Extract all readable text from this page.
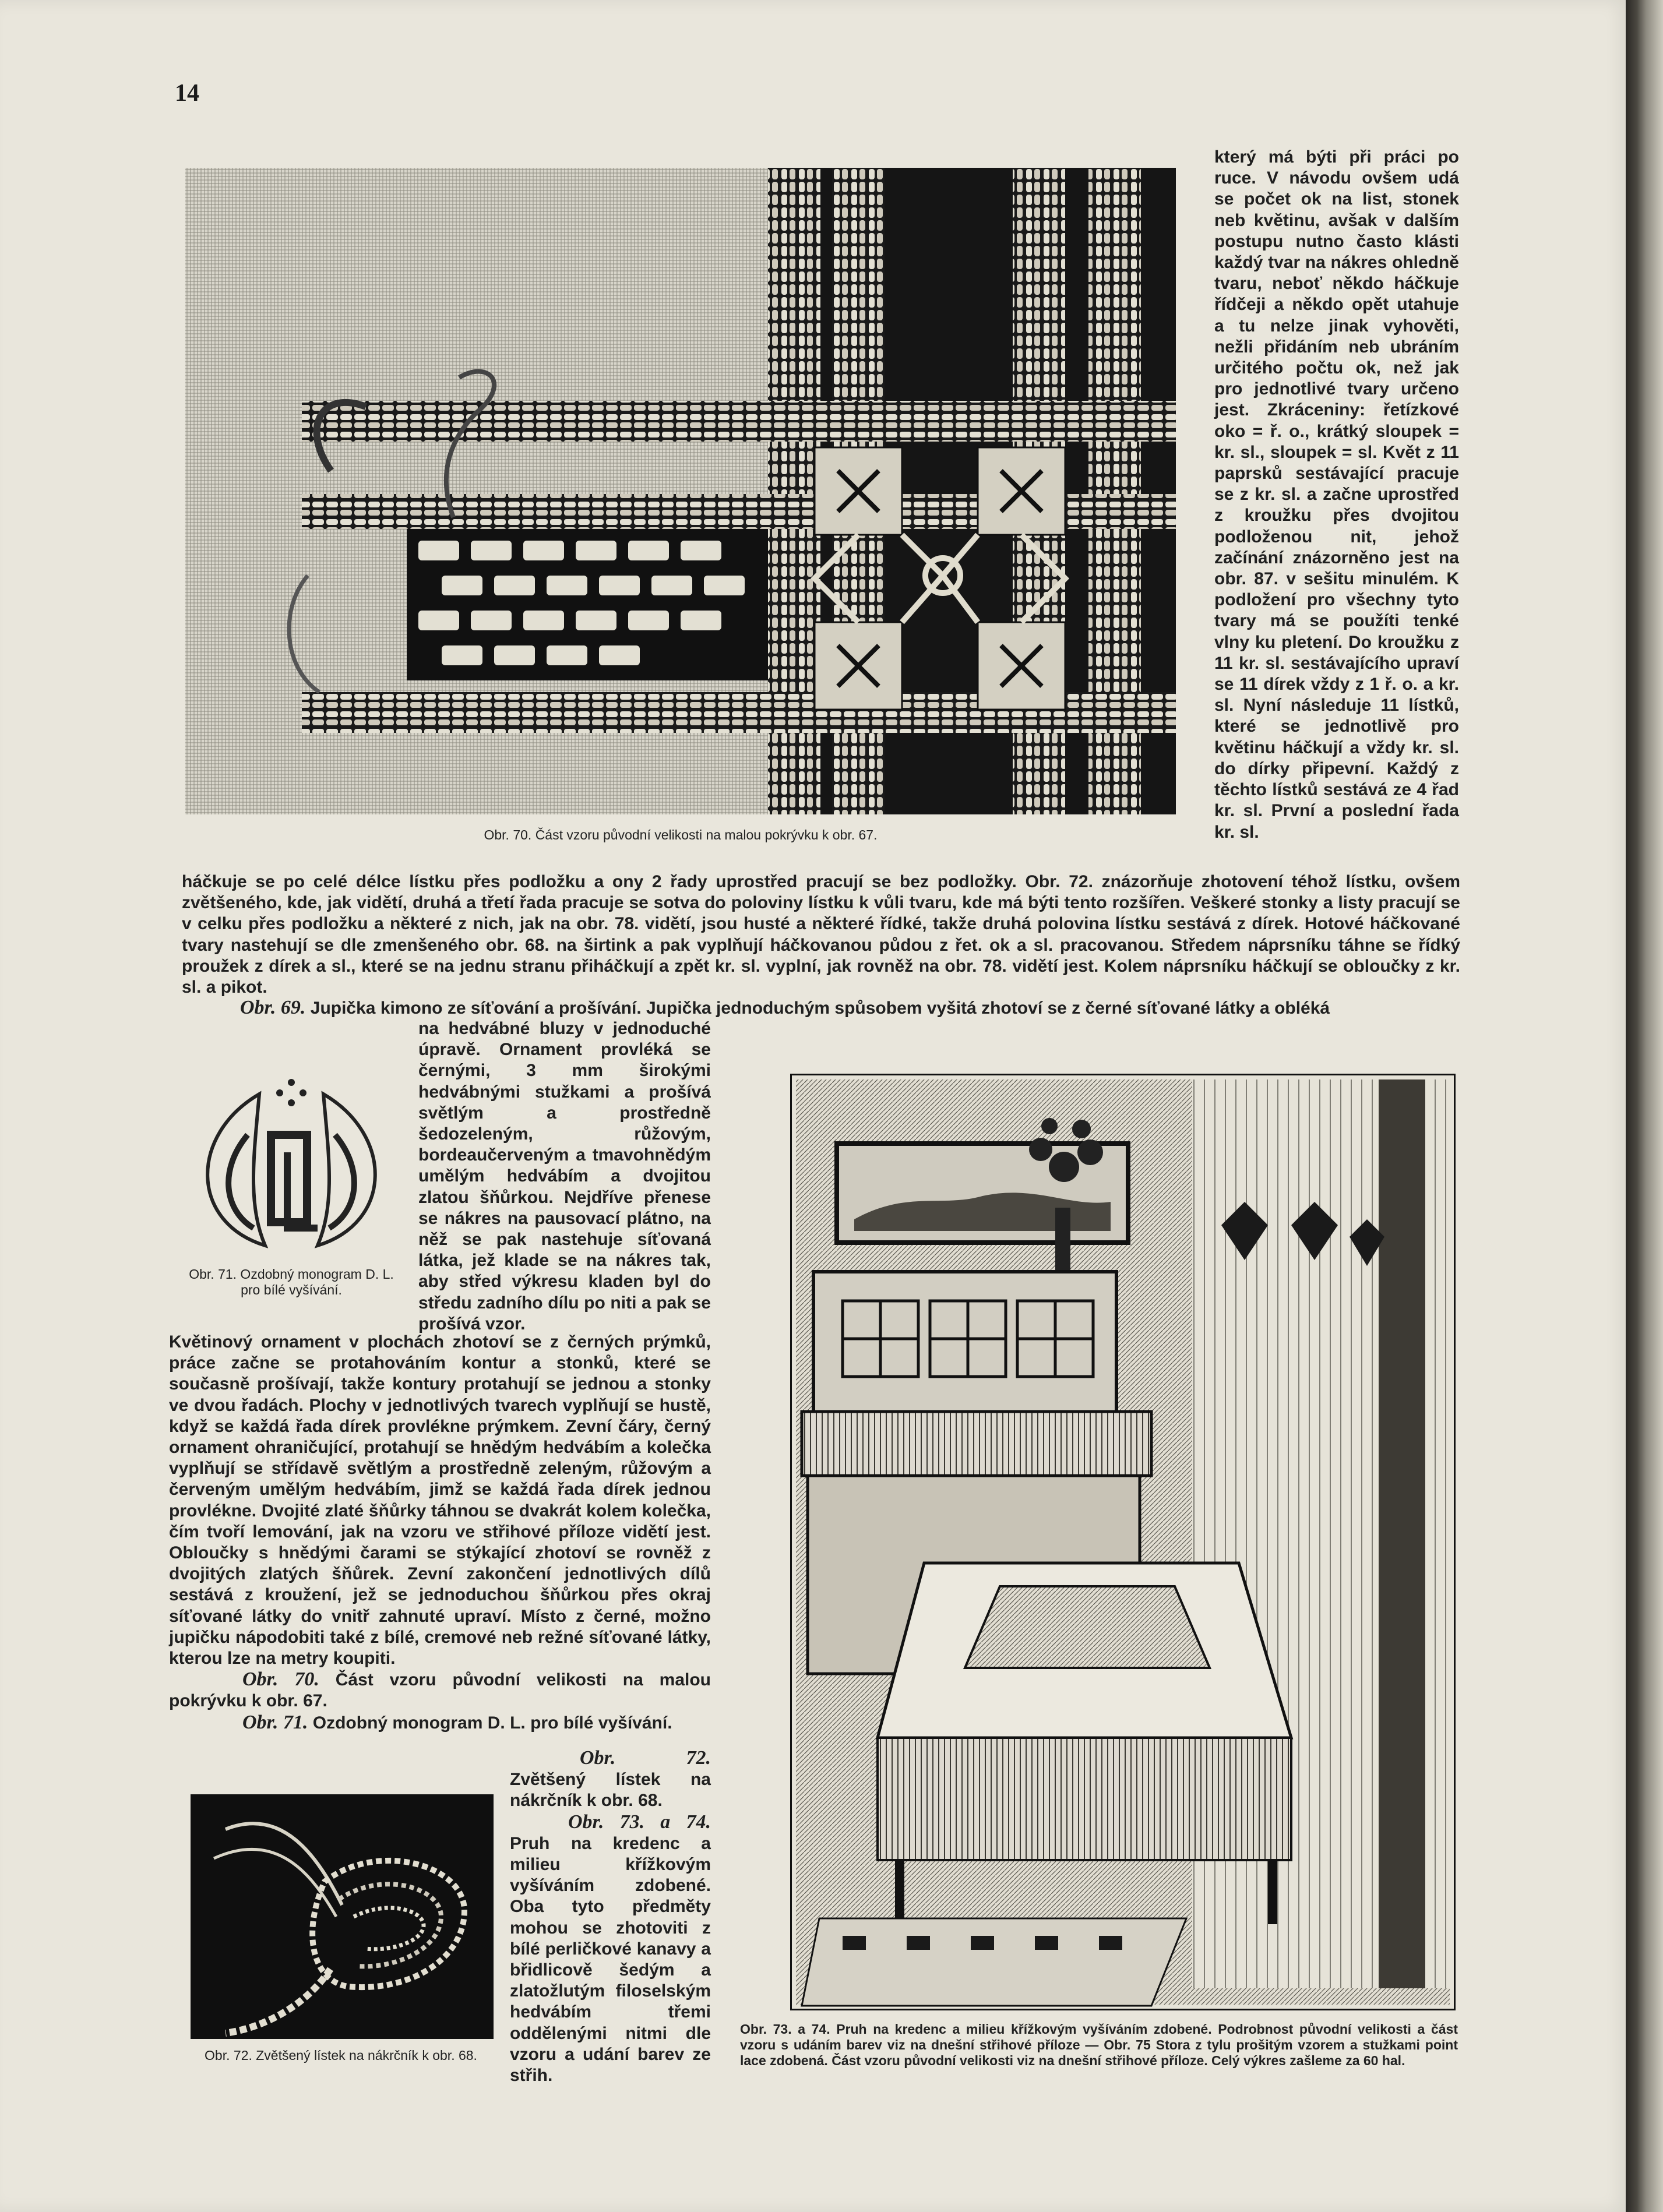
14

Obr. 70. Část vzoru původní velikosti na malou pokrývku k obr. 67.

který má býti při práci po ruce. V návodu ovšem udá se počet ok na list, stonek neb květinu, avšak v dalším postupu nutno často klásti každý tvar na nákres ohledně tvaru, neboť někdo háčkuje řídčeji a někdo opět utahuje a tu nelze jinak vyhověti, nežli přidáním neb ubráním určitého počtu ok, než jak pro jednotlivé tvary určeno jest. Zkráceniny: řetízkové oko = ř. o., krátký sloupek = kr. sl., sloupek = sl. Květ z 11 paprsků sestávající pracuje se z kr. sl. a začne uprostřed z kroužku přes dvojitou podloženou nit, jehož začínání znázorněno jest na obr. 87. v sešitu minulém. K podložení pro všechny tyto tvary má se použíti tenké vlny ku pletení. Do kroužku z 11 kr. sl. sestávajícího upraví se 11 dírek vždy z 1 ř. o. a kr. sl. Nyní následuje 11 lístků, které se jednotlivě pro květinu háčkují a vždy kr. sl. do dírky připevní. Každý z těchto lístků sestává ze 4 řad kr. sl. První a poslední řada kr. sl.

háčkuje se po celé délce lístku přes podložku a ony 2 řady uprostřed pracují se bez podložky. Obr. 72. znázorňuje zhotovení téhož lístku, ovšem zvětšeného, kde, jak vidětí, druhá a třetí řada pracuje se sotva do poloviny lístku k vůli tvaru, kde má býti tento rozšířen. Veškeré stonky a listy pracují se v celku přes podložku a některé z nich, jak na obr. 78. vidětí, jsou husté a některé řídké, takže druhá polovina lístku sestává z dírek. Hotové háčkované tvary nastehují se dle zmenšeného obr. 68. na širtink a pak vyplňují háčkovanou půdou z řet. ok a sl. pracovanou. Středem náprsníku táhne se řídký proužek z dírek a sl., které se na jednu stranu přiháčkují a zpět kr. sl. vyplní, jak rovněž na obr. 78. vidětí jest. Kolem náprsníku háčkují se obloučky z kr. sl. a pikot.

Obr. 69. Jupička kimono ze síťování a prošívání. Jupička jednoduchým spůsobem vyšitá zhotoví se z černé síťované látky a obléká

Obr. 71. Ozdobný monogram D. L. pro bílé vyšívání.

na hedvábné bluzy v jednoduché úpravě. Ornament provléká se černými, 3 mm širokými hedvábnými stužkami a prošívá světlým a prostředně šedozeleným, růžovým, bordeaučerveným a tmavohnědým umělým hedvábím a dvojitou zlatou šňůrkou. Nejdříve přenese se nákres na pausovací plátno, na něž se pak nastehuje síťovaná látka, jež klade se na nákres tak, aby střed výkresu kladen byl do středu zadního dílu po niti a pak se prošívá vzor.

Květinový ornament v plochách zhotoví se z černých prýmků, práce začne se protahováním kontur a stonků, které se současně prošívají, takže kontury protahují se jednou a stonky ve dvou řadách. Plochy v jednotlivých tvarech vyplňují se hustě, když se každá řada dírek provlékne prýmkem. Zevní čáry, černý ornament ohraničující, protahují se hnědým hedvábím a kolečka vyplňují se střídavě světlým a prostředně zeleným, růžovým a červeným umělým hedvábím, jimž se každá řada dírek jednou provlékne. Dvojité zlaté šňůrky táhnou se dvakrát kolem kolečka, čím tvoří lemování, jak na vzoru ve střihové příloze vidětí jest. Obloučky s hnědými čarami se stýkající zhotoví se rovněž z dvojitých zlatých šňůrek. Zevní zakončení jednotlivých dílů sestává z kroužení, jež se jednoduchou šňůrkou přes okraj síťované látky do vnitř zahnuté upraví. Místo z černé, možno jupičku nápodobiti také z bílé, cremové neb režné síťované látky, kterou lze na metry koupiti.

Obr. 70. Část vzoru původní velikosti na malou pokrývku k obr. 67.

Obr. 71. Ozdobný monogram D. L. pro bílé vyšívání.

Obr. 72. Zvětšený lístek na nákrčník k obr. 68.

Obr. 73. a 74. Pruh na kredenc a milieu křížkovým vyšíváním zdobené. Oba tyto předměty mohou se zhotoviti z bílé perličkové kanavy a břidlicově šedým a zlatožlutým filoselským hedvábím třemi oddělenými nitmi dle vzoru a udání barev ze střih.

Obr. 72. Zvětšený lístek na nákrčník k obr. 68.

Obr. 73. a 74. Pruh na kredenc a milieu křížkovým vyšíváním zdobené. Podrobnost původní velikosti a část vzoru s udáním barev viz na dnešní střihové příloze — Obr. 75 Stora z tylu prošitým vzorem a stužkami point lace zdobená. Část vzoru původní velikosti viz na dnešní střihové příloze. Celý výkres zašleme za 60 hal.
